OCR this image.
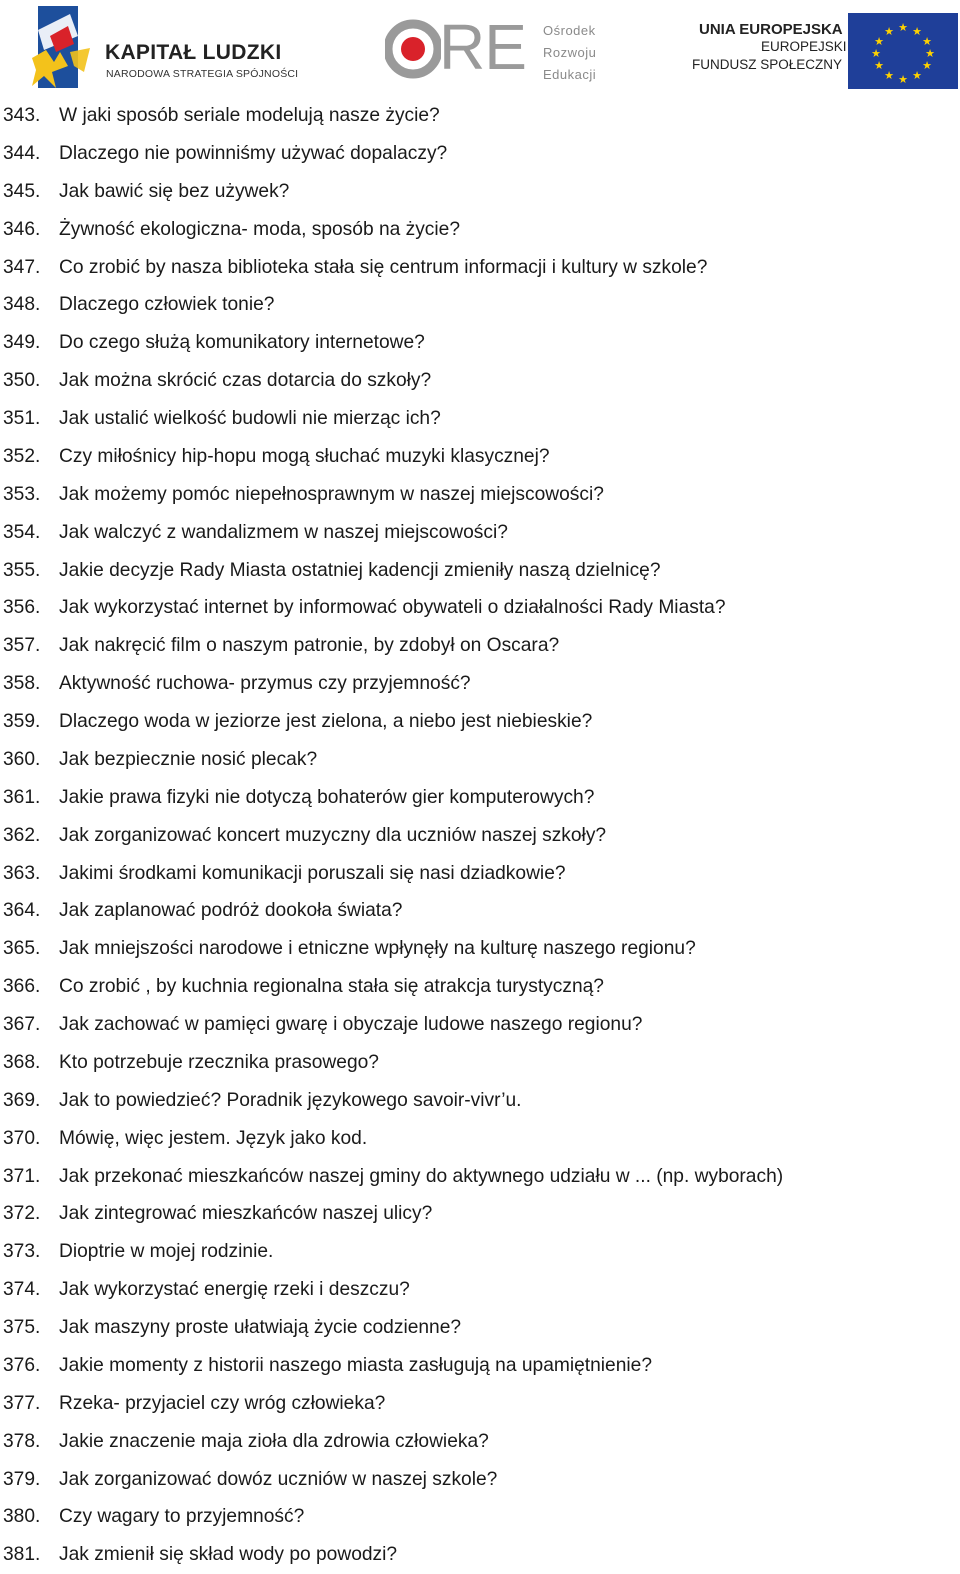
KAPITAŁ LUDZKI
NARODOWA STRATEGIA SPÓJNOŚCI RE Ośrodek
Rozwoju
Edukacji
UNIA EUROPEJSKA
EUROPEJSKI
FUNDUSZ SPOŁECZNY
★ ★
★
★
★
★
★
★
★
★
★
★
343. W jaki sposób seriale modelują nasze życie?
344. Dlaczego nie powinniśmy używać dopalaczy?
345. Jak bawić się bez używek?
346. Żywność ekologiczna- moda, sposób na życie?
347. Co zrobić by nasza biblioteka stała się centrum informacji i kultury w szkole?
348. Dlaczego człowiek tonie?
349. Do czego służą komunikatory internetowe?
350. Jak można skrócić czas dotarcia do szkoły?
351. Jak ustalić wielkość budowli nie mierząc ich?
352. Czy miłośnicy hip-hopu mogą słuchać muzyki klasycznej?
353. Jak możemy pomóc niepełnosprawnym w naszej miejscowości?
354. Jak walczyć z wandalizmem w naszej miejscowości?
355. Jakie decyzje Rady Miasta ostatniej kadencji zmieniły naszą dzielnicę?
356. Jak wykorzystać internet by informować obywateli o działalności Rady Miasta?
357. Jak nakręcić film o naszym patronie, by zdobył on Oscara?
358. Aktywność ruchowa- przymus czy przyjemność?
359. Dlaczego woda w jeziorze jest zielona, a niebo jest niebieskie?
360. Jak bezpiecznie nosić plecak?
361. Jakie prawa fizyki nie dotyczą bohaterów gier komputerowych?
362. Jak zorganizować koncert muzyczny dla uczniów naszej szkoły?
363. Jakimi środkami komunikacji poruszali się nasi dziadkowie?
364. Jak zaplanować podróż dookoła świata?
365. Jak mniejszości narodowe i etniczne wpłynęły na kulturę naszego regionu?
366. Co zrobić , by kuchnia regionalna stała się atrakcja turystyczną?
367. Jak zachować w pamięci gwarę i obyczaje ludowe naszego regionu?
368. Kto potrzebuje rzecznika prasowego?
369. Jak to powiedzieć? Poradnik językowego savoir-vivr’u.
370. Mówię, więc jestem. Język jako kod.
371. Jak przekonać mieszkańców naszej gminy do aktywnego udziału w ... (np. wyborach)
372. Jak zintegrować mieszkańców naszej ulicy?
373. Dioptrie w mojej rodzinie.
374. Jak wykorzystać energię rzeki i deszczu?
375. Jak maszyny proste ułatwiają życie codzienne?
376. Jakie momenty z historii naszego miasta zasługują na upamiętnienie?
377. Rzeka- przyjaciel czy wróg człowieka?
378. Jakie znaczenie maja zioła dla zdrowia człowieka?
379. Jak zorganizować dowóz uczniów w naszej szkole?
380. Czy wagary to przyjemność?
381. Jak zmienił się skład wody po powodzi?
